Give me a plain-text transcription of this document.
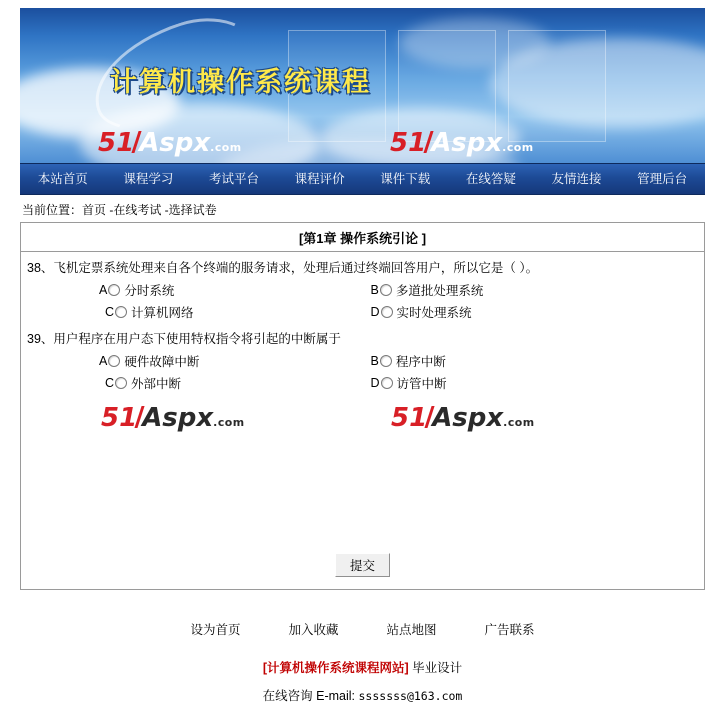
计算机操作系统课程
51 Aspx.com	51 Aspx.com
本站首页	课程学习	考试平台	课程评价	课件下载	在线答疑	友情连接	管理后台
当前位置：首页 -在线考试 -选择试卷
[第1章 操作系统引论 ]
38、飞机定票系统处理来自各个终端的服务请求，处理后通过终端回答用户，所以它是（ ）。
A 分时系统	B 多道批处理系统
C 计算机网络	D 实时处理系统
39、用户程序在用户态下使用特权指令将引起的中断属于
A 硬件故障中断	B 程序中断
C 外部中断	D 访管中断
51 Aspx.com	51 Aspx.com
提交
设为首页	加入收藏	站点地图	广告联系
[计算机操作系统课程网站] 毕业设计
在线咨询 E-mail: sssssss@163.com
